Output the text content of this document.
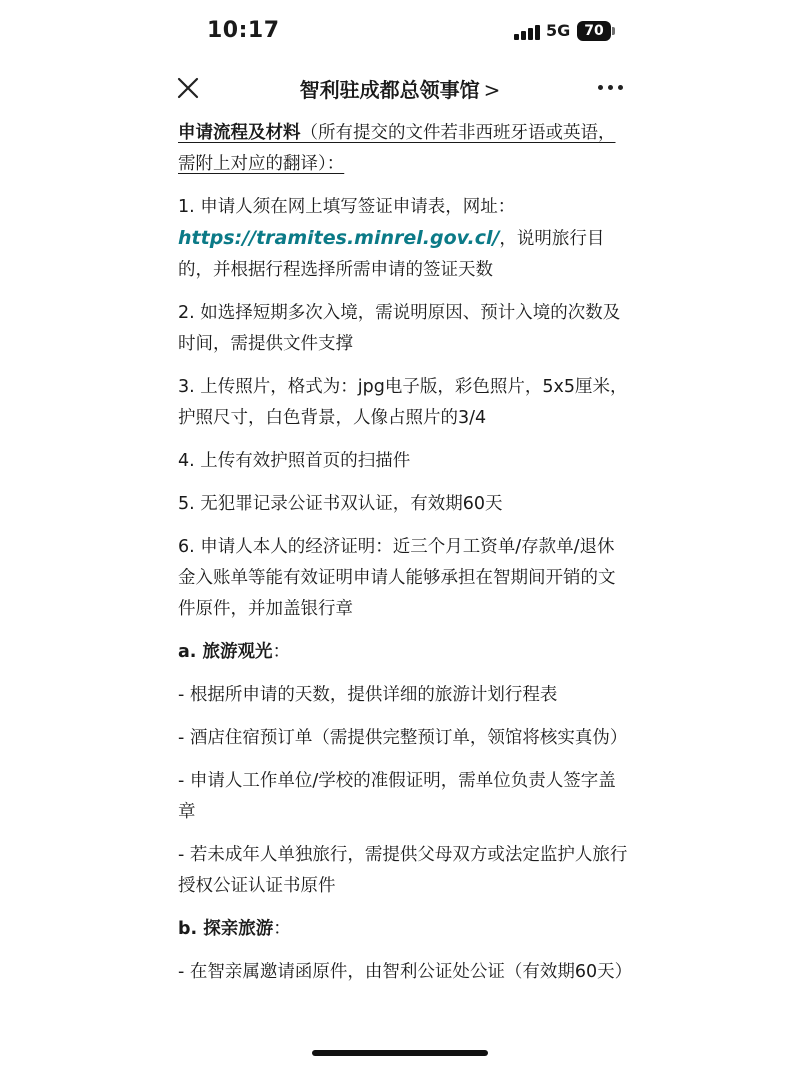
10:17	5G 70
智利驻成都总领事馆 >

申请流程及材料（所有提交的文件若非西班牙语或英语，需附上对应的翻译）：

1. 申请人须在网上填写签证申请表，网址：https://tramites.minrel.gov.cl/，说明旅行目的，并根据行程选择所需申请的签证天数

2. 如选择短期多次入境，需说明原因、预计入境的次数及时间，需提供文件支撑

3. 上传照片，格式为：jpg电子版，彩色照片，5x5厘米，护照尺寸，白色背景，人像占照片的3/4

4. 上传有效护照首页的扫描件

5. 无犯罪记录公证书双认证，有效期60天

6. 申请人本人的经济证明：近三个月工资单/存款单/退休金入账单等能有效证明申请人能够承担在智期间开销的文件原件，并加盖银行章

a. 旅游观光：

- 根据所申请的天数，提供详细的旅游计划行程表

- 酒店住宿预订单（需提供完整预订单，领馆将核实真伪）

- 申请人工作单位/学校的准假证明，需单位负责人签字盖章

- 若未成年人单独旅行，需提供父母双方或法定监护人旅行授权公证认证书原件

b. 探亲旅游：

- 在智亲属邀请函原件，由智利公证处公证（有效期60天）
